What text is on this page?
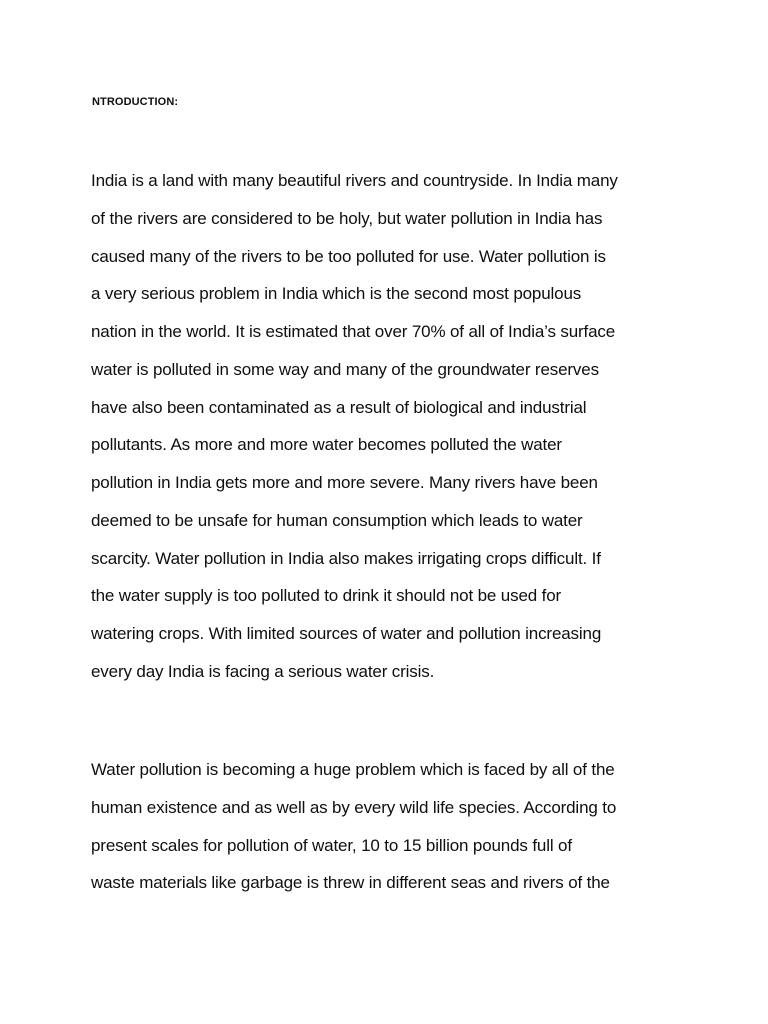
NTRODUCTION:
India is a land with many beautiful rivers and countryside. In India many
of the rivers are considered to be holy, but water pollution in India has
caused many of the rivers to be too polluted for use. Water pollution is
a very serious problem in India which is the second most populous
nation in the world. It is estimated that over 70% of all of India’s surface
water is polluted in some way and many of the groundwater reserves
have also been contaminated as a result of biological and industrial
pollutants. As more and more water becomes polluted the water
pollution in India gets more and more severe. Many rivers have been
deemed to be unsafe for human consumption which leads to water
scarcity. Water pollution in India also makes irrigating crops difficult. If
the water supply is too polluted to drink it should not be used for
watering crops. With limited sources of water and pollution increasing
every day India is facing a serious water crisis.
Water pollution is becoming a huge problem which is faced by all of the
human existence and as well as by every wild life species. According to
present scales for pollution of water, 10 to 15 billion pounds full of
waste materials like garbage is threw in different seas and rivers of the
